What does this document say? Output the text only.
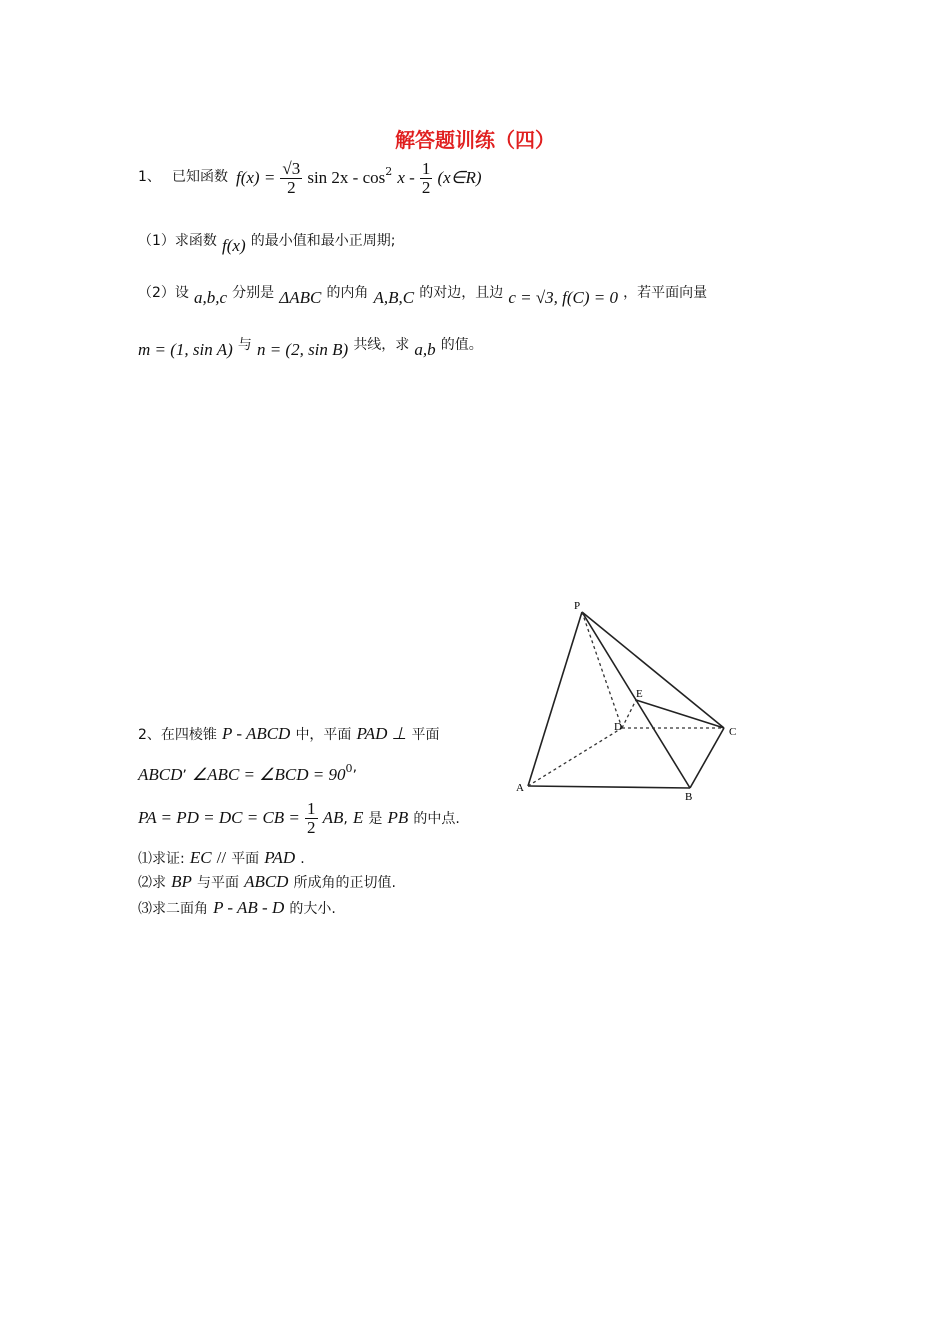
解答题训练（四）
1、 已知函数 $f(x) = \frac{√3}{2}$ $\sin 2x - \cos^2 x - \frac{1}{2}$ (x∈R)
（1）求函数 f(x) 的最小值和最小正周期;
（2）设 a,b,c 分别是 ΔABC 的内角 A,B,C 的对边，且边 c = √3, f(C) = 0 ，若平面向量
m = (1, sin A) 与 n = (2, sin B) 共线，求 a,b 的值。
2、在四棱锥 P - ABCD 中，平面 PAD ⊥ 平面
ABCD’ ∠ABC = ∠BCD = $90^0$’
PA = PD = DC = CB = $\frac{1}{2}$ AB, E 是 PB 的中点.
⑴求证: EC // 平面 PAD .
⑵求 BP 与平面 ABCD 所成角的正切值.
⑶求二面角 P - AB - D 的大小.
P
E
D	C
A
B
